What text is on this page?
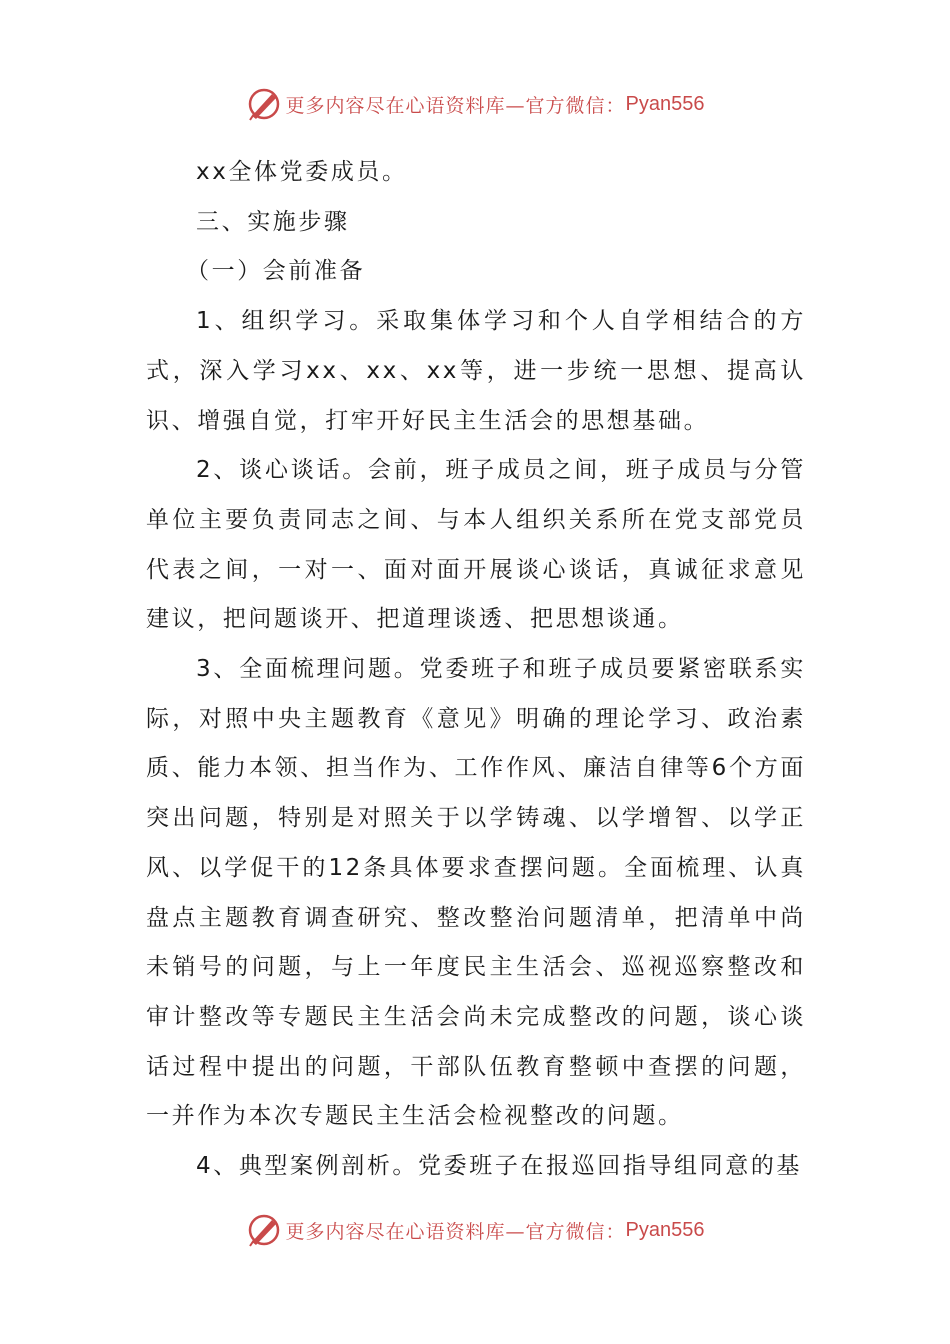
更多内容尽在心语资料库—官方微信： Pyan556

xx全体党委成员。

三、实施步骤

（一）会前准备

1、组织学习。采取集体学习和个人自学相结合的方式，深入学习xx、xx、xx等，进一步统一思想、提高认识、增强自觉，打牢开好民主生活会的思想基础。

2、谈心谈话。会前，班子成员之间，班子成员与分管单位主要负责同志之间、与本人组织关系所在党支部党员代表之间，一对一、面对面开展谈心谈话，真诚征求意见建议，把问题谈开、把道理谈透、把思想谈通。

3、全面梳理问题。党委班子和班子成员要紧密联系实际，对照中央主题教育《意见》明确的理论学习、政治素质、能力本领、担当作为、工作作风、廉洁自律等6个方面突出问题，特别是对照关于以学铸魂、以学增智、以学正风、以学促干的12条具体要求查摆问题。全面梳理、认真盘点主题教育调查研究、整改整治问题清单，把清单中尚未销号的问题，与上一年度民主生活会、巡视巡察整改和审计整改等专题民主生活会尚未完成整改的问题，谈心谈话过程中提出的问题，干部队伍教育整顿中查摆的问题，一并作为本次专题民主生活会检视整改的问题。

4、典型案例剖析。党委班子在报巡回指导组同意的基

更多内容尽在心语资料库—官方微信： Pyan556
